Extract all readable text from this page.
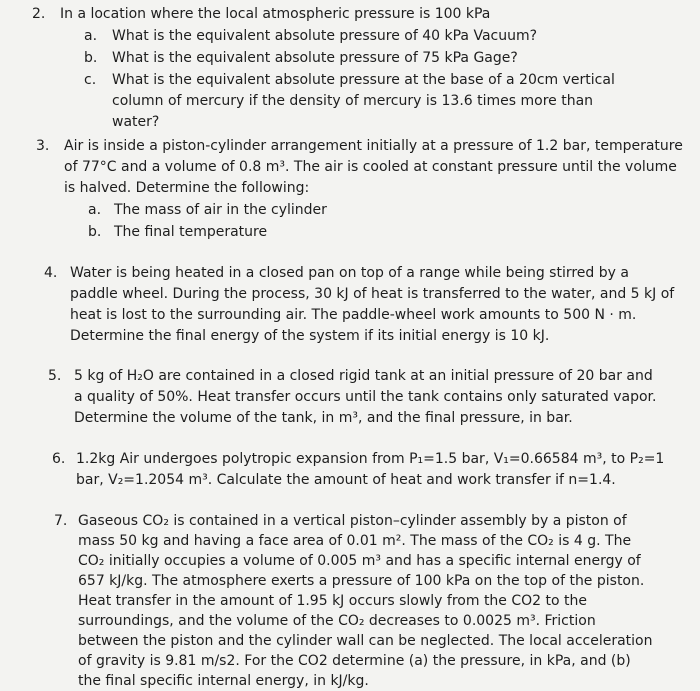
2.	In a location where the local atmospheric pressure is 100 kPa
a.	What is the equivalent absolute pressure of 40 kPa Vacuum?
b.	What is the equivalent absolute pressure of 75 kPa Gage?
c.	What is the equivalent absolute pressure at the base of a 20cm vertical column of mercury if the density of mercury is 13.6 times more than water?
3.	Air is inside a piston-cylinder arrangement initially at a pressure of 1.2 bar, temperature of 77°C and a volume of 0.8 m³. The air is cooled at constant pressure until the volume is halved. Determine the following:
a. The mass of air in the cylinder
b. The final temperature
4. Water is being heated in a closed pan on top of a range while being stirred by a paddle wheel. During the process, 30 kJ of heat is transferred to the water, and 5 kJ of heat is lost to the surrounding air. The paddle-wheel work amounts to 500 N · m. Determine the final energy of the system if its initial energy is 10 kJ.
5. 5 kg of H₂O are contained in a closed rigid tank at an initial pressure of 20 bar and a quality of 50%. Heat transfer occurs until the tank contains only saturated vapor. Determine the volume of the tank, in m³, and the final pressure, in bar.
6. 1.2kg Air undergoes polytropic expansion from P₁=1.5 bar, V₁=0.66584 m³, to P₂=1 bar, V₂=1.2054 m³. Calculate the amount of heat and work transfer if n=1.4.
7. Gaseous CO₂ is contained in a vertical piston–cylinder assembly by a piston of mass 50 kg and having a face area of 0.01 m². The mass of the CO₂ is 4 g. The CO₂ initially occupies a volume of 0.005 m³ and has a specific internal energy of 657 kJ/kg. The atmosphere exerts a pressure of 100 kPa on the top of the piston. Heat transfer in the amount of 1.95 kJ occurs slowly from the CO2 to the surroundings, and the volume of the CO₂ decreases to 0.0025 m³. Friction between the piston and the cylinder wall can be neglected. The local acceleration of gravity is 9.81 m/s2. For the CO2 determine (a) the pressure, in kPa, and (b) the final specific internal energy, in kJ/kg.
